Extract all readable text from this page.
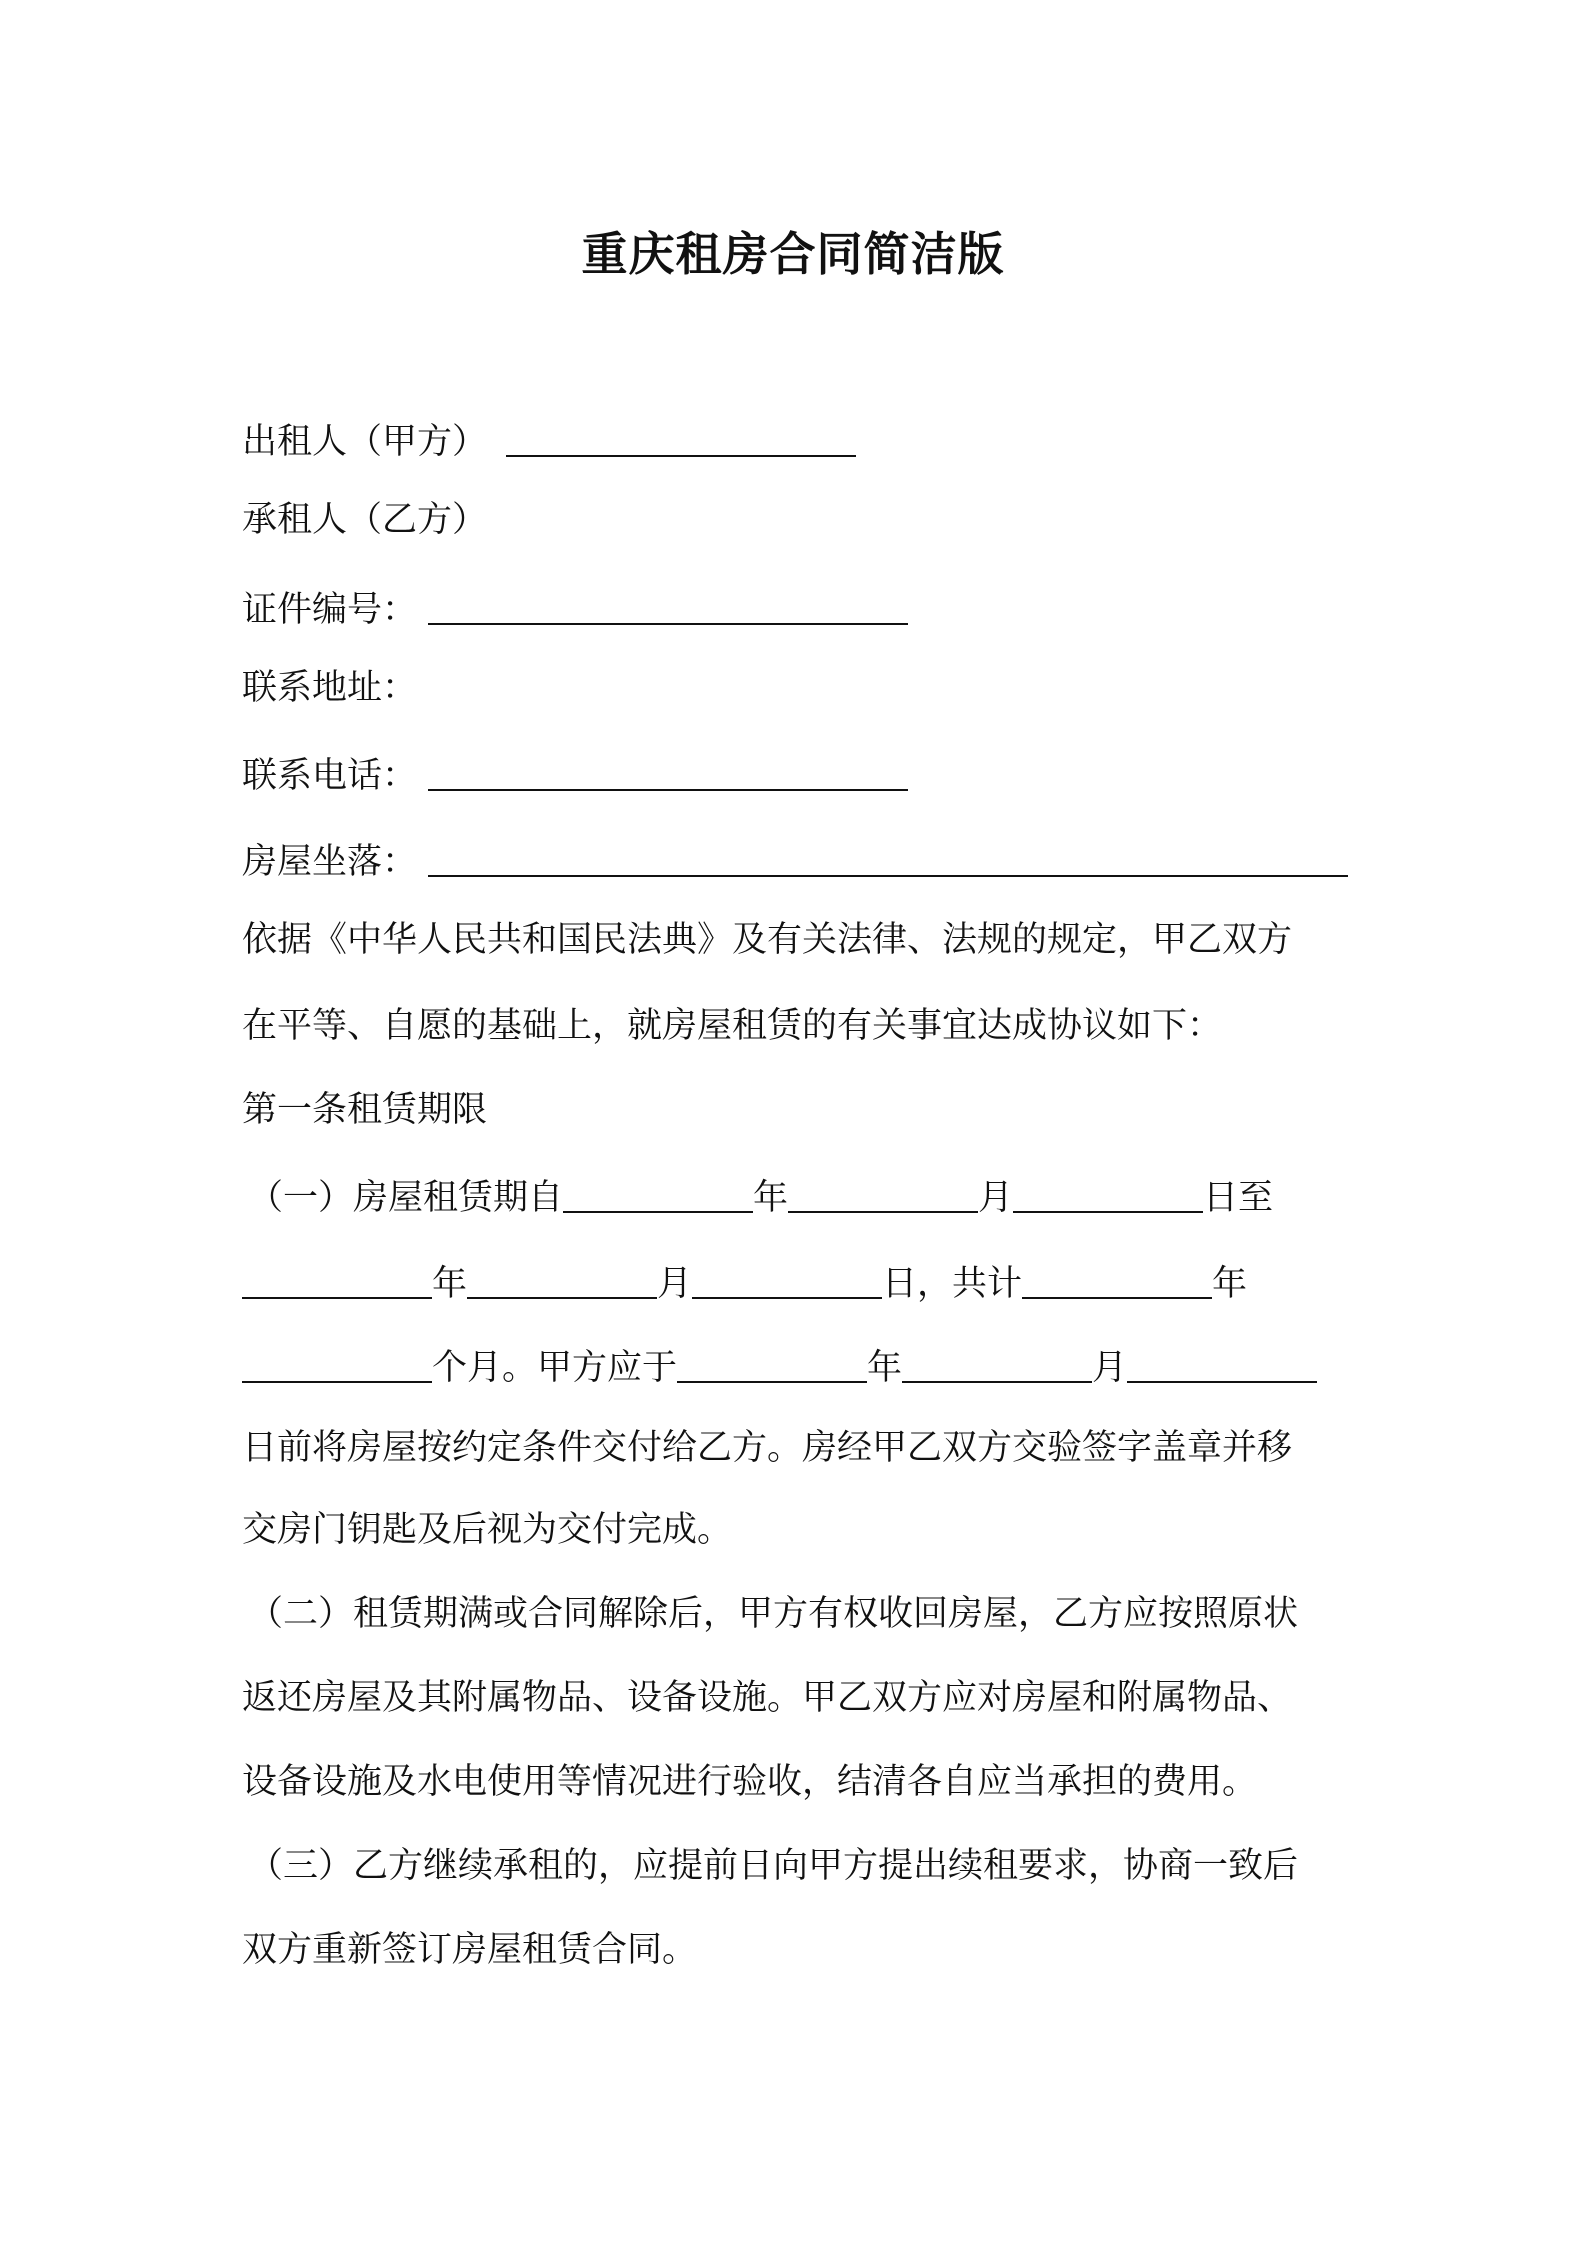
重庆租房合同简洁版
出租人（甲方）
承租人（乙方）
证件编号：
联系地址：
联系电话：
房屋坐落：
依据《中华人民共和国民法典》及有关法律、法规的规定，甲乙双方
在平等、自愿的基础上，就房屋租赁的有关事宜达成协议如下：
第一条租赁期限
（一）房屋租赁期自	年	月	日至
年	月	日，共计	年
个月。甲方应于	年	月
日前将房屋按约定条件交付给乙方。房经甲乙双方交验签字盖章并移
交房门钥匙及后视为交付完成。
（二）租赁期满或合同解除后，甲方有权收回房屋，乙方应按照原状
返还房屋及其附属物品、设备设施。甲乙双方应对房屋和附属物品、
设备设施及水电使用等情况进行验收，结清各自应当承担的费用。
（三）乙方继续承租的，应提前日向甲方提出续租要求，协商一致后
双方重新签订房屋租赁合同。
